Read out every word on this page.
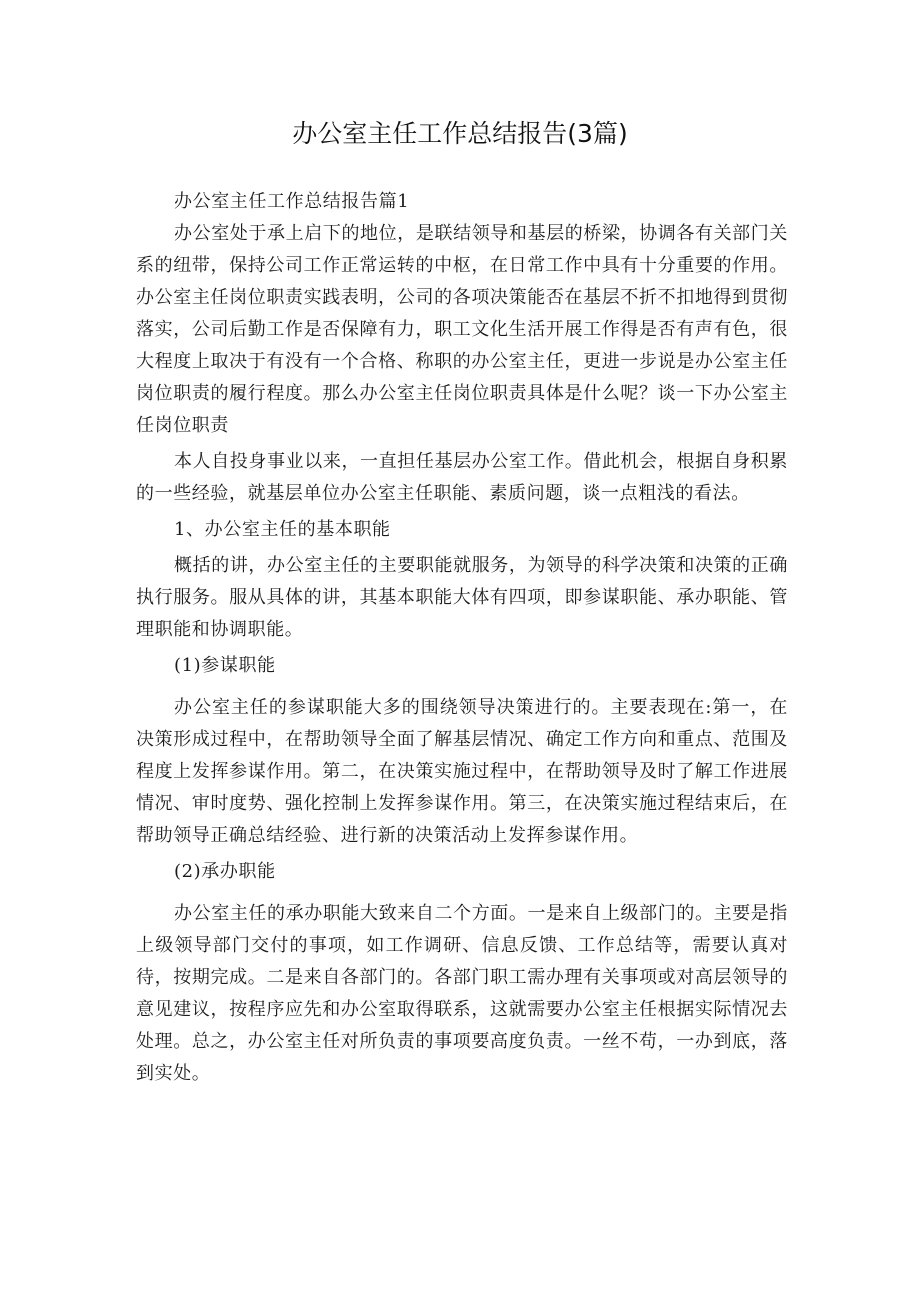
办公室主任工作总结报告(3篇)

办公室主任工作总结报告篇1

办公室处于承上启下的地位，是联结领导和基层的桥梁，协调各有关部门关系的纽带，保持公司工作正常运转的中枢，在日常工作中具有十分重要的作用。办公室主任岗位职责实践表明，公司的各项决策能否在基层不折不扣地得到贯彻落实，公司后勤工作是否保障有力，职工文化生活开展工作得是否有声有色，很大程度上取决于有没有一个合格、称职的办公室主任，更进一步说是办公室主任岗位职责的履行程度。那么办公室主任岗位职责具体是什么呢？谈一下办公室主任岗位职责

本人自投身事业以来，一直担任基层办公室工作。借此机会，根据自身积累的一些经验，就基层单位办公室主任职能、素质问题，谈一点粗浅的看法。

1、办公室主任的基本职能

概括的讲，办公室主任的主要职能就服务，为领导的科学决策和决策的正确执行服务。服从具体的讲，其基本职能大体有四项，即参谋职能、承办职能、管理职能和协调职能。

(1)参谋职能

办公室主任的参谋职能大多的围绕领导决策进行的。主要表现在:第一，在决策形成过程中，在帮助领导全面了解基层情况、确定工作方向和重点、范围及程度上发挥参谋作用。第二，在决策实施过程中，在帮助领导及时了解工作进展情况、审时度势、强化控制上发挥参谋作用。第三，在决策实施过程结束后，在帮助领导正确总结经验、进行新的决策活动上发挥参谋作用。

(2)承办职能

办公室主任的承办职能大致来自二个方面。一是来自上级部门的。主要是指上级领导部门交付的事项，如工作调研、信息反馈、工作总结等，需要认真对待，按期完成。二是来自各部门的。各部门职工需办理有关事项或对高层领导的意见建议，按程序应先和办公室取得联系，这就需要办公室主任根据实际情况去处理。总之，办公室主任对所负责的事项要高度负责。一丝不苟，一办到底，落到实处。
